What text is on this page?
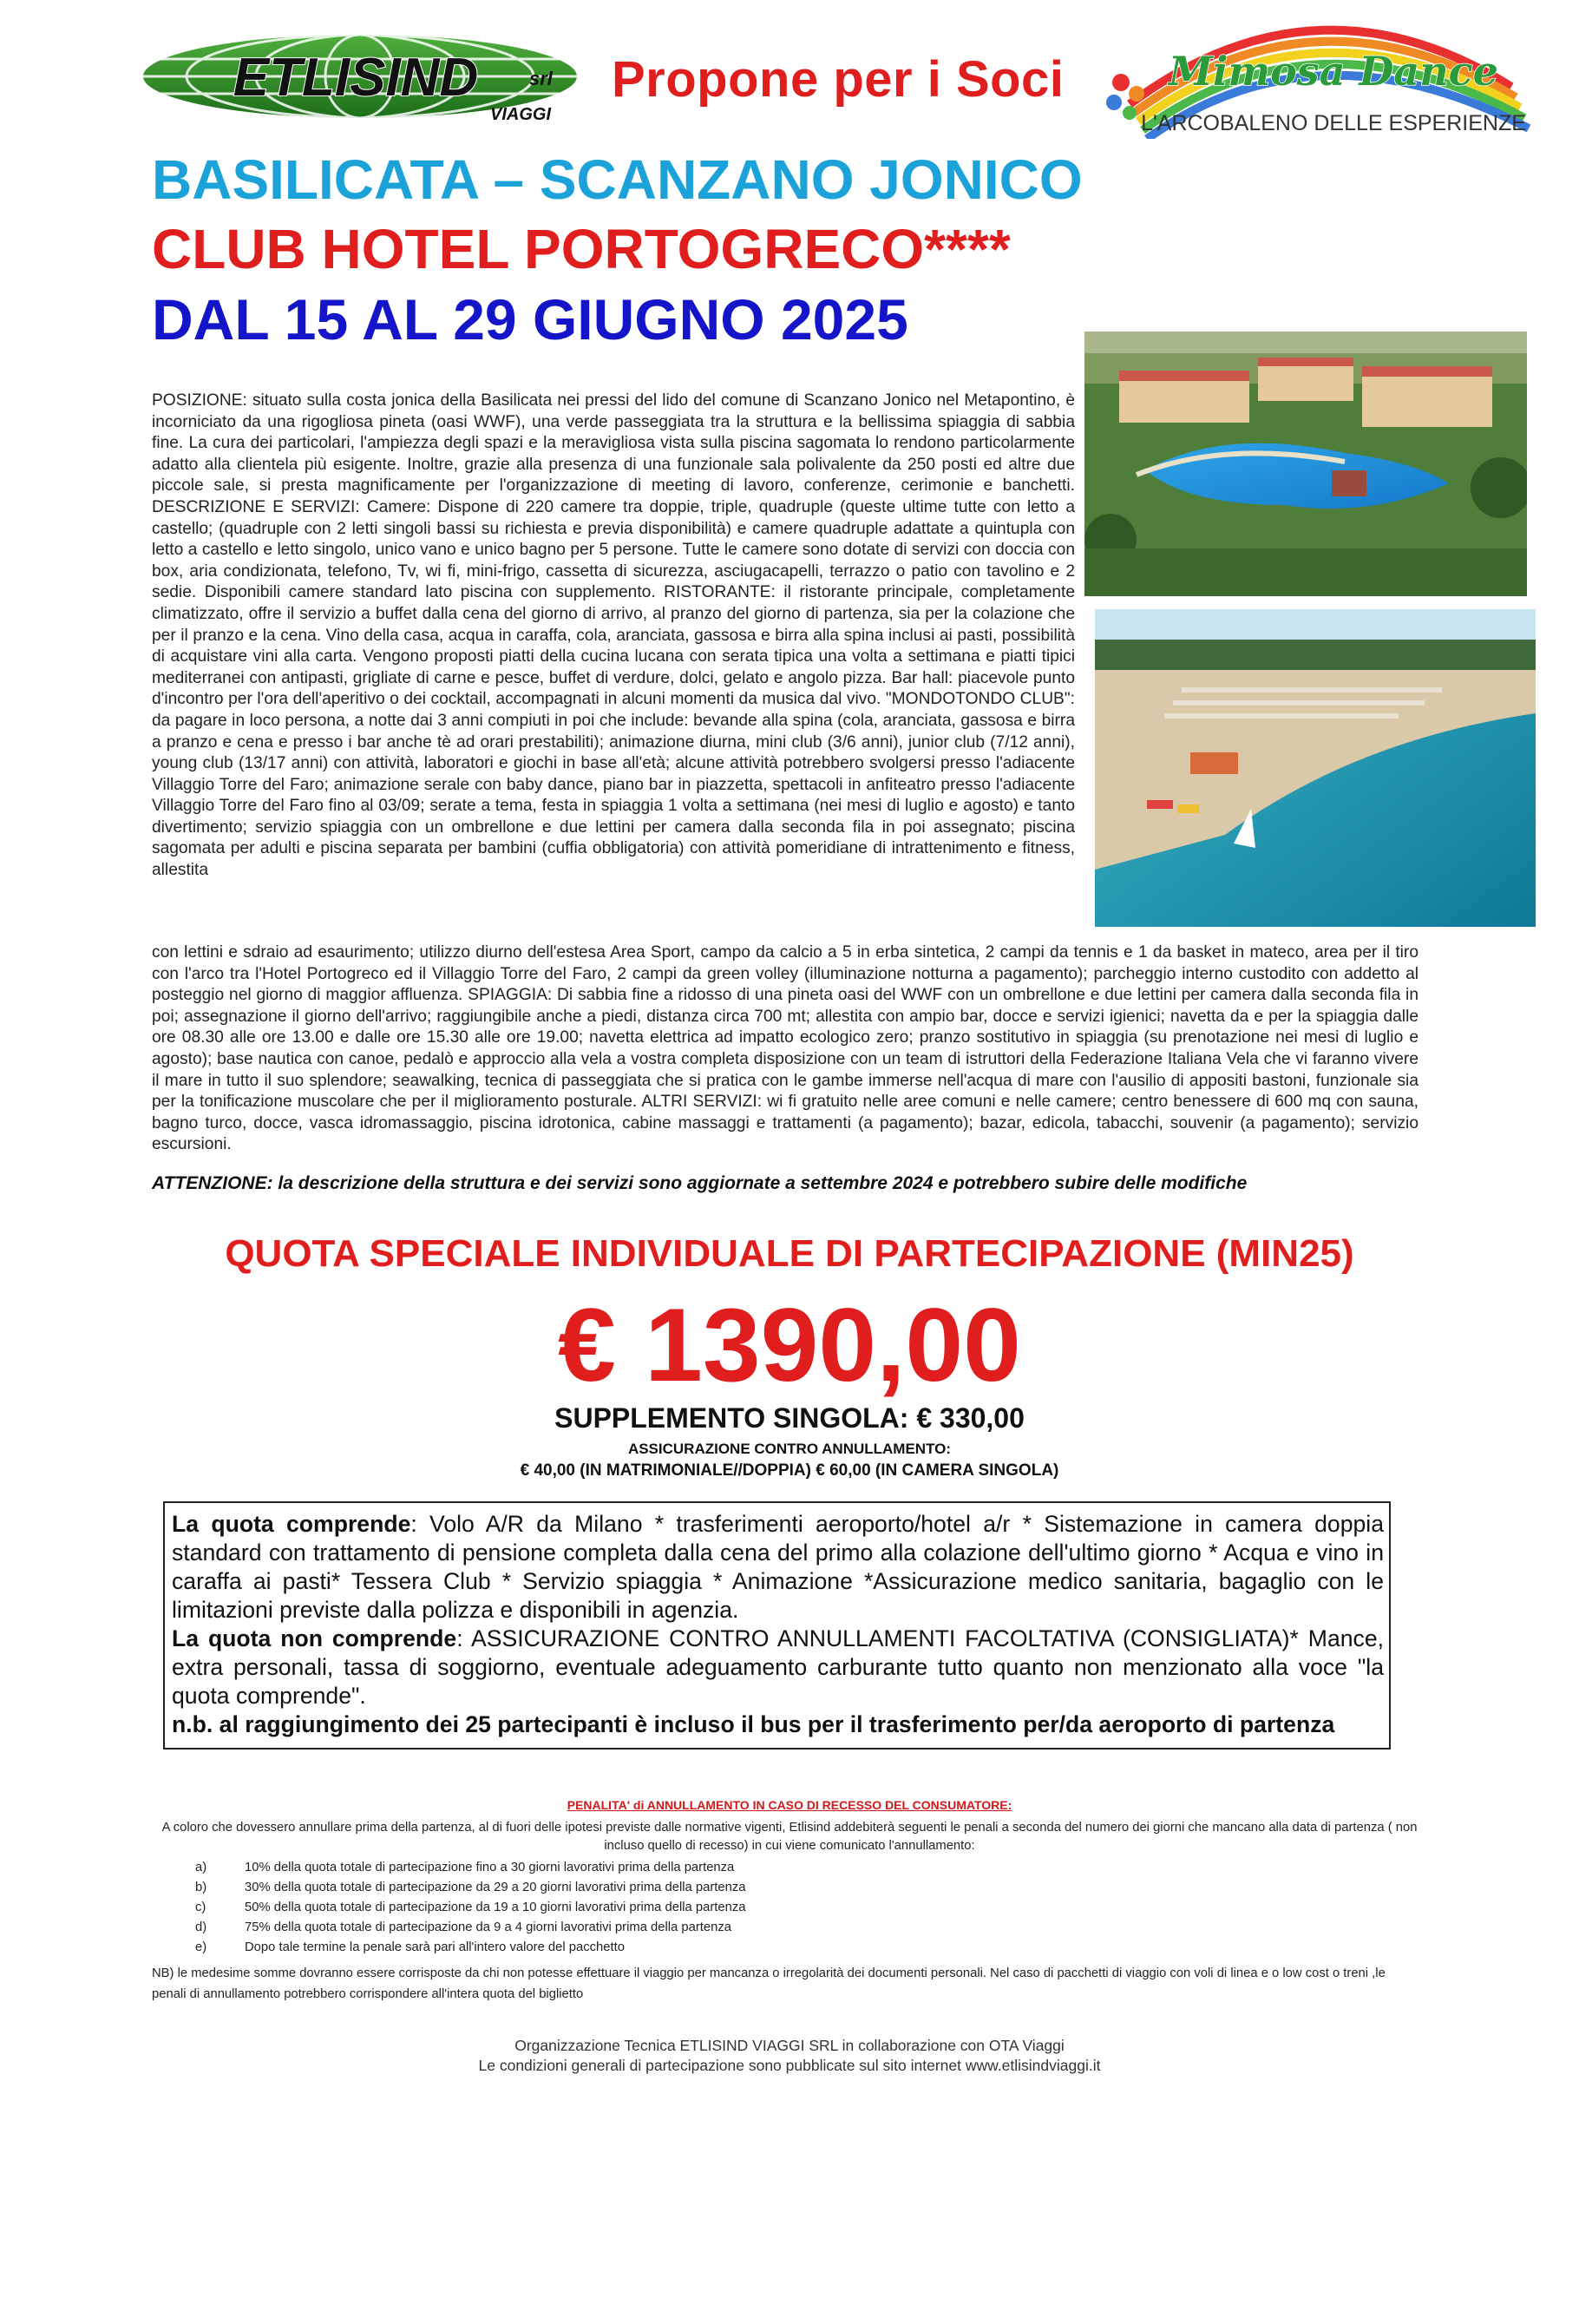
ETLISIND	srl
VIAGGI
Propone per i Soci	Mimosa Dance
L'ARCOBALENO DELLE ESPERIENZE
BASILICATA – SCANZANO JONICO
CLUB HOTEL PORTOGRECO****
DAL 15 AL 29 GIUGNO 2025

POSIZIONE: situato sulla costa jonica della Basilicata nei pressi del lido del comune di Scanzano Jonico nel Metapontino, è incorniciato da una rigogliosa pineta (oasi WWF), una verde passeggiata tra la struttura e la bellissima spiaggia di sabbia fine. La cura dei particolari, l'ampiezza degli spazi e la meravigliosa vista sulla piscina sagomata lo rendono particolarmente adatto alla clientela più esigente. Inoltre, grazie alla presenza di una funzionale sala polivalente da 250 posti ed altre due piccole sale, si presta magnificamente per l'organizzazione di meeting di lavoro, conferenze, cerimonie e banchetti. DESCRIZIONE E SERVIZI: Camere: Dispone di 220 camere tra doppie, triple, quadruple (queste ultime tutte con letto a castello; (quadruple con 2 letti singoli bassi su richiesta e previa disponibilità) e camere quadruple adattate a quintupla con letto a castello e letto singolo, unico vano e unico bagno per 5 persone. Tutte le camere sono dotate di servizi con doccia con box, aria condizionata, telefono, Tv, wi fi, mini-frigo, cassetta di sicurezza, asciugacapelli, terrazzo o patio con tavolino e 2 sedie. Disponibili camere standard lato piscina con supplemento. RISTORANTE: il ristorante principale, completamente climatizzato, offre il servizio a buffet dalla cena del giorno di arrivo, al pranzo del giorno di partenza, sia per la colazione che per il pranzo e la cena. Vino della casa, acqua in caraffa, cola, aranciata, gassosa e birra alla spina inclusi ai pasti, possibilità di acquistare vini alla carta. Vengono proposti piatti della cucina lucana con serata tipica una volta a settimana e piatti tipici mediterranei con antipasti, grigliate di carne e pesce, buffet di verdure, dolci, gelato e angolo pizza. Bar hall: piacevole punto d'incontro per l'ora dell'aperitivo o dei cocktail, accompagnati in alcuni momenti da musica dal vivo. "MONDOTONDO CLUB": da pagare in loco persona, a notte dai 3 anni compiuti in poi che include: bevande alla spina (cola, aranciata, gassosa e birra a pranzo e cena e presso i bar anche tè ad orari prestabiliti); animazione diurna, mini club (3/6 anni), junior club (7/12 anni), young club (13/17 anni) con attività, laboratori e giochi in base all'età; alcune attività potrebbero svolgersi presso l'adiacente Villaggio Torre del Faro; animazione serale con baby dance, piano bar in piazzetta, spettacoli in anfiteatro presso l'adiacente Villaggio Torre del Faro fino al 03/09; serate a tema, festa in spiaggia 1 volta a settimana (nei mesi di luglio e agosto) e tanto divertimento; servizio spiaggia con un ombrellone e due lettini per camera dalla seconda fila in poi assegnato; piscina sagomata per adulti e piscina separata per bambini (cuffia obbligatoria) con attività pomeridiane di intrattenimento e fitness, allestita

con lettini e sdraio ad esaurimento; utilizzo diurno dell'estesa Area Sport, campo da calcio a 5 in erba sintetica, 2 campi da tennis e 1 da basket in mateco, area per il tiro con l'arco tra l'Hotel Portogreco ed il Villaggio Torre del Faro, 2 campi da green volley (illuminazione notturna a pagamento); parcheggio interno custodito con addetto al posteggio nel giorno di maggior affluenza. SPIAGGIA: Di sabbia fine a ridosso di una pineta oasi del WWF con un ombrellone e due lettini per camera dalla seconda fila in poi; assegnazione il giorno dell'arrivo; raggiungibile anche a piedi, distanza circa 700 mt; allestita con ampio bar, docce e servizi igienici; navetta da e per la spiaggia dalle ore 08.30 alle ore 13.00 e dalle ore 15.30 alle ore 19.00; navetta elettrica ad impatto ecologico zero; pranzo sostitutivo in spiaggia (su prenotazione nei mesi di luglio e agosto); base nautica con canoe, pedalò e approccio alla vela a vostra completa disposizione con un team di istruttori della Federazione Italiana Vela che vi faranno vivere il mare in tutto il suo splendore; seawalking, tecnica di passeggiata che si pratica con le gambe immerse nell'acqua di mare con l'ausilio di appositi bastoni, funzionale sia per la tonificazione muscolare che per il miglioramento posturale. ALTRI SERVIZI: wi fi gratuito nelle aree comuni e nelle camere; centro benessere di 600 mq con sauna, bagno turco, docce, vasca idromassaggio, piscina idrotonica, cabine massaggi e trattamenti (a pagamento); bazar, edicola, tabacchi, souvenir (a pagamento); servizio escursioni.

ATTENZIONE: la descrizione della struttura e dei servizi sono aggiornate a settembre 2024 e potrebbero subire delle modifiche
QUOTA SPECIALE INDIVIDUALE DI PARTECIPAZIONE (MIN25)
€ 1390,00
SUPPLEMENTO SINGOLA: € 330,00
ASSICURAZIONE CONTRO ANNULLAMENTO:
€ 40,00 (IN MATRIMONIALE//DOPPIA) € 60,00 (IN CAMERA SINGOLA)

La quota comprende: Volo A/R da Milano * trasferimenti aeroporto/hotel a/r * Sistemazione in camera doppia standard con trattamento di pensione completa dalla cena del primo alla colazione dell'ultimo giorno * Acqua e vino in caraffa ai pasti* Tessera Club * Servizio spiaggia * Animazione *Assicurazione medico sanitaria, bagaglio con le limitazioni previste dalla polizza e disponibili in agenzia.

La quota non comprende: ASSICURAZIONE CONTRO ANNULLAMENTI FACOLTATIVA (CONSIGLIATA)* Mance, extra personali, tassa di soggiorno, eventuale adeguamento carburante tutto quanto non menzionato alla voce "la quota comprende".

n.b. al raggiungimento dei 25 partecipanti è incluso il bus per il trasferimento per/da aeroporto di partenza

PENALITA' di ANNULLAMENTO IN CASO DI RECESSO DEL CONSUMATORE:
A coloro che dovessero annullare prima della partenza, al di fuori delle ipotesi previste dalle normative vigenti, Etlisind addebiterà seguenti le penali a seconda del numero dei giorni che mancano alla data di partenza ( non incluso quello di recesso) in cui viene comunicato l'annullamento:
a)	10% della quota totale di partecipazione fino a 30 giorni lavorativi prima della partenza
b)	30% della quota totale di partecipazione da 29 a 20 giorni lavorativi prima della partenza
c)	50% della quota totale di partecipazione da 19 a 10 giorni lavorativi prima della partenza
d)	75% della quota totale di partecipazione da 9 a 4 giorni lavorativi prima della partenza
e)	Dopo tale termine la penale sarà pari all'intero valore del pacchetto
NB) le medesime somme dovranno essere corrisposte da chi non potesse effettuare il viaggio per mancanza o irregolarità dei documenti personali. Nel caso di pacchetti di viaggio con voli di linea e o low cost o treni ,le penali di annullamento potrebbero corrispondere all'intera quota del biglietto
Organizzazione Tecnica ETLISIND VIAGGI SRL in collaborazione con OTA Viaggi
Le condizioni generali di partecipazione sono pubblicate sul sito internet www.etlisindviaggi.it
